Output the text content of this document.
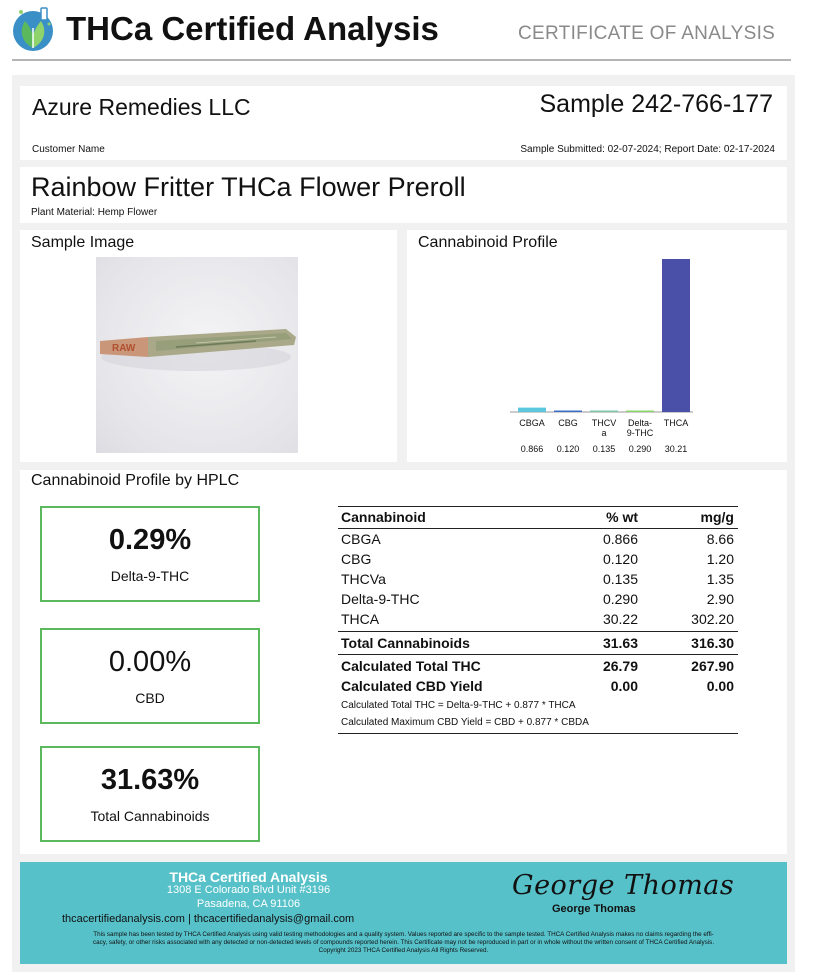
THCa Certified Analysis	CERTIFICATE OF ANALYSIS
Azure Remedies LLC
Customer Name
Sample 242-766-177
Sample Submitted: 02-07-2024; Report Date: 02-17-2024
Rainbow Fritter THCa Flower Preroll
Plant Material: Hemp Flower
Sample Image
RAW
Cannabinoid Profile
CBGA
0.866
CBG
0.120
THCV
a
0.135
Delta-
9-THC
0.290
THCA
30.21
Cannabinoid Profile by HPLC
0.29%
Delta-9-THC
0.00%
CBD
31.63%
Total Cannabinoids
Cannabinoid	% wt	mg/g
CBGA	0.866	8.66
CBG	0.120	1.20
THCVa	0.135	1.35
Delta-9-THC	0.290	2.90
THCA	30.22	302.20
Total Cannabinoids	31.63	316.30
Calculated Total THC	26.79	267.90
Calculated CBD Yield	0.00	0.00
Calculated Total THC = Delta-9-THC + 0.877 * THCA
Calculated Maximum CBD Yield = CBD + 0.877 * CBDA
THCa Certified Analysis
1308 E Colorado Blvd Unit #3196
Pasadena, CA 91106
thcacertifiedanalysis.com | thcacertifiedanalysis@gmail.com
George Thomas
George Thomas
This sample has been tested by THCA Certified Analysis using valid testing methodologies and a quality system. Values reported are specific to the sample tested. THCA Certified Analysis makes no claims regarding the effi-
cacy, safety, or other risks associated with any detected or non-detected levels of compounds reported herein. This Certificate may not be reproduced in part or in whole without the written consent of THCA Certified Analysis.
Copyright 2023 THCA Certified Analysis All Rights Reserved.
